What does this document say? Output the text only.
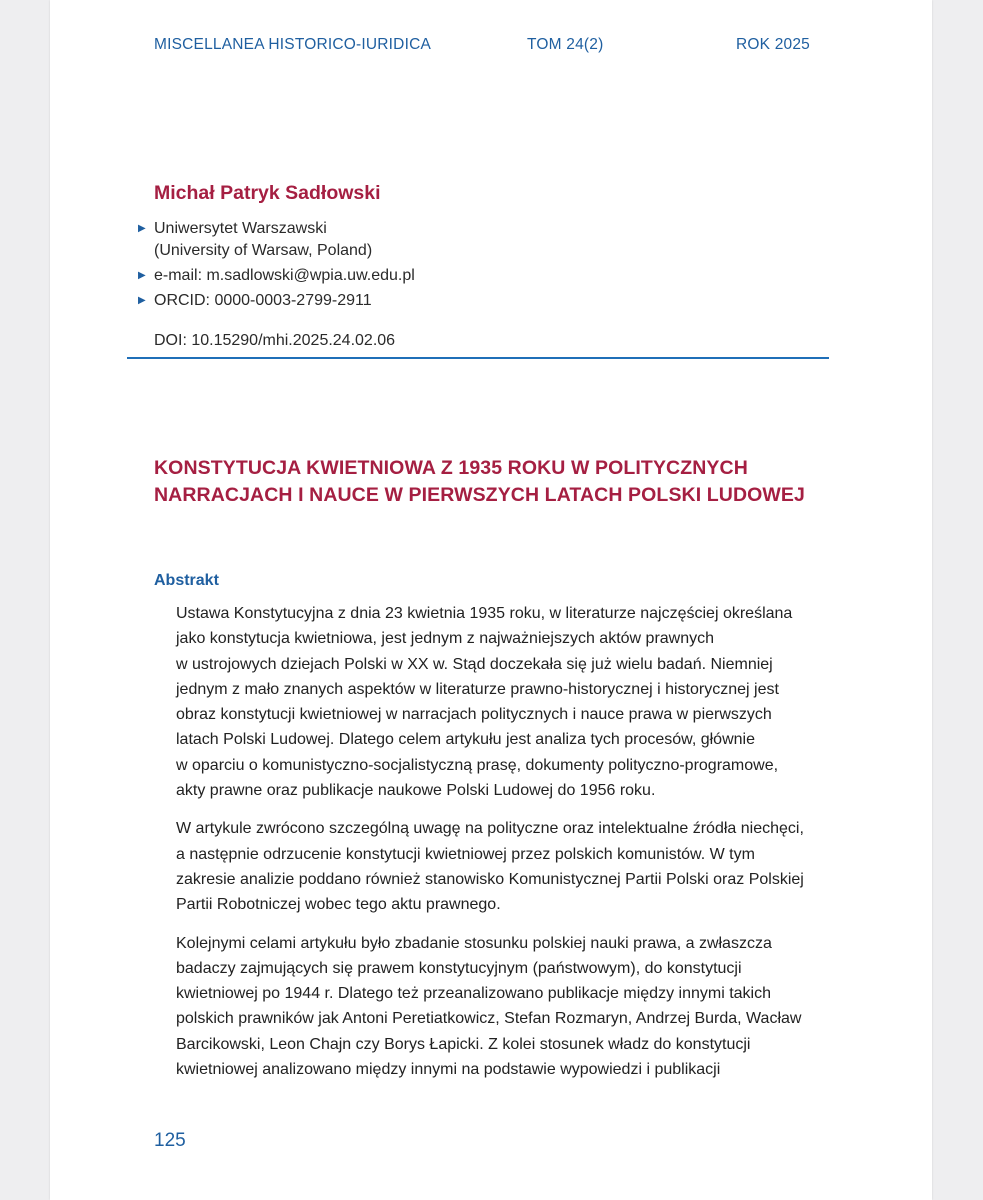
MISCELLANEA HISTORICO-IURIDICA	TOM 24(2)	ROK 2025
Michał Patryk Sadłowski
▶ Uniwersytet Warszawski
(University of Warsaw, Poland)
▶ e-mail: m.sadlowski@wpia.uw.edu.pl
▶ ORCID: 0000-0003-2799-2911
DOI: 10.15290/mhi.2025.24.02.06
KONSTYTUCJA KWIETNIOWA Z 1935 ROKU W POLITYCZNYCH
NARRACJACH I NAUCE W PIERWSZYCH LATACH POLSKI LUDOWEJ
Abstrakt

Ustawa Konstytucyjna z dnia 23 kwietnia 1935 roku, w literaturze najczęściej określana
jako konstytucja kwietniowa, jest jednym z najważniejszych aktów prawnych
w ustrojowych dziejach Polski w XX w. Stąd doczekała się już wielu badań. Niemniej
jednym z mało znanych aspektów w literaturze prawno-historycznej i historycznej jest
obraz konstytucji kwietniowej w narracjach politycznych i nauce prawa w pierwszych
latach Polski Ludowej. Dlatego celem artykułu jest analiza tych procesów, głównie
w oparciu o komunistyczno-socjalistyczną prasę, dokumenty polityczno-programowe,
akty prawne oraz publikacje naukowe Polski Ludowej do 1956 roku.

W artykule zwrócono szczególną uwagę na polityczne oraz intelektualne źródła niechęci,
a następnie odrzucenie konstytucji kwietniowej przez polskich komunistów. W tym
zakresie analizie poddano również stanowisko Komunistycznej Partii Polski oraz Polskiej
Partii Robotniczej wobec tego aktu prawnego.

Kolejnymi celami artykułu było zbadanie stosunku polskiej nauki prawa, a zwłaszcza
badaczy zajmujących się prawem konstytucyjnym (państwowym), do konstytucji
kwietniowej po 1944 r. Dlatego też przeanalizowano publikacje między innymi takich
polskich prawników jak Antoni Peretiatkowicz, Stefan Rozmaryn, Andrzej Burda, Wacław
Barcikowski, Leon Chajn czy Borys Łapicki. Z kolei stosunek władz do konstytucji
kwietniowej analizowano między innymi na podstawie wypowiedzi i publikacji

125
